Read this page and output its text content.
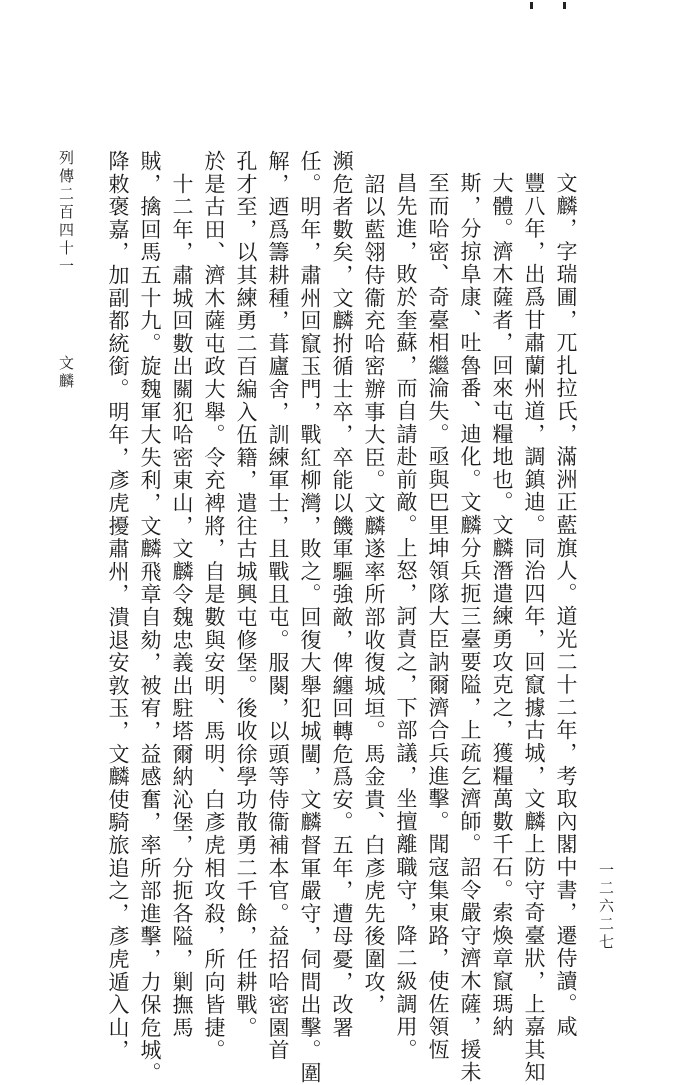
一二六二七
文麟，字瑞圃，兀扎拉氏，滿洲正藍旗人。道光二十二年，考取內閣中書，遷侍讀。咸
豐八年，出爲甘肅蘭州道，調鎮迪。同治四年，回竄據古城，文麟上防守奇臺狀，上嘉其知
大體。濟木薩者，回來屯糧地也。文麟潛遣練勇攻克之，獲糧萬數千石。索煥章竄瑪納
斯，分掠阜康、吐魯番、迪化。文麟分兵扼三臺要隘，上疏乞濟師。詔令嚴守濟木薩，援未
至而哈密、奇臺相繼淪失。亟與巴里坤領隊大臣訥爾濟合兵進擊。聞寇集東路，使佐領恆
昌先進，敗於奎蘇，而自請赴前敵。上怒，訶責之，下部議，坐擅離職守，降二級調用。
　詔以藍翎侍衞充哈密辦事大臣。文麟遂率所部收復城垣。馬金貴、白彥虎先後圍攻，
瀕危者數矣，文麟拊循士卒，卒能以饑軍驅強敵，俾纏回轉危爲安。五年，遭母憂，改署
任。明年，肅州回竄玉門，戰紅柳灣，敗之。回復大舉犯城闉，文麟督軍嚴守，伺間出擊。圍
解，迺爲籌耕種，葺廬舍，訓練軍士，且戰且屯。服闋，以頭等侍衞補本官。益招哈密園首
孔才至，以其練勇二百編入伍籍，遣往古城興屯修堡。後收徐學功散勇二千餘，任耕戰。
於是古田、濟木薩屯政大舉。令充裨將，自是數與安明、馬明、白彥虎相攻殺，所向皆捷。
　十二年，肅城回數出關犯哈密東山，文麟令魏忠義出駐塔爾納沁堡，分扼各隘，剿撫馬
賊，擒回馬五十九。旋魏軍大失利，文麟飛章自劾，被宥，益感奮，率所部進擊，力保危城。
降敕褒嘉，加副都統銜。明年，彥虎擾肅州，潰退安敦玉，文麟使騎旅追之，彥虎遁入山，
列傳二百四十一
文麟
